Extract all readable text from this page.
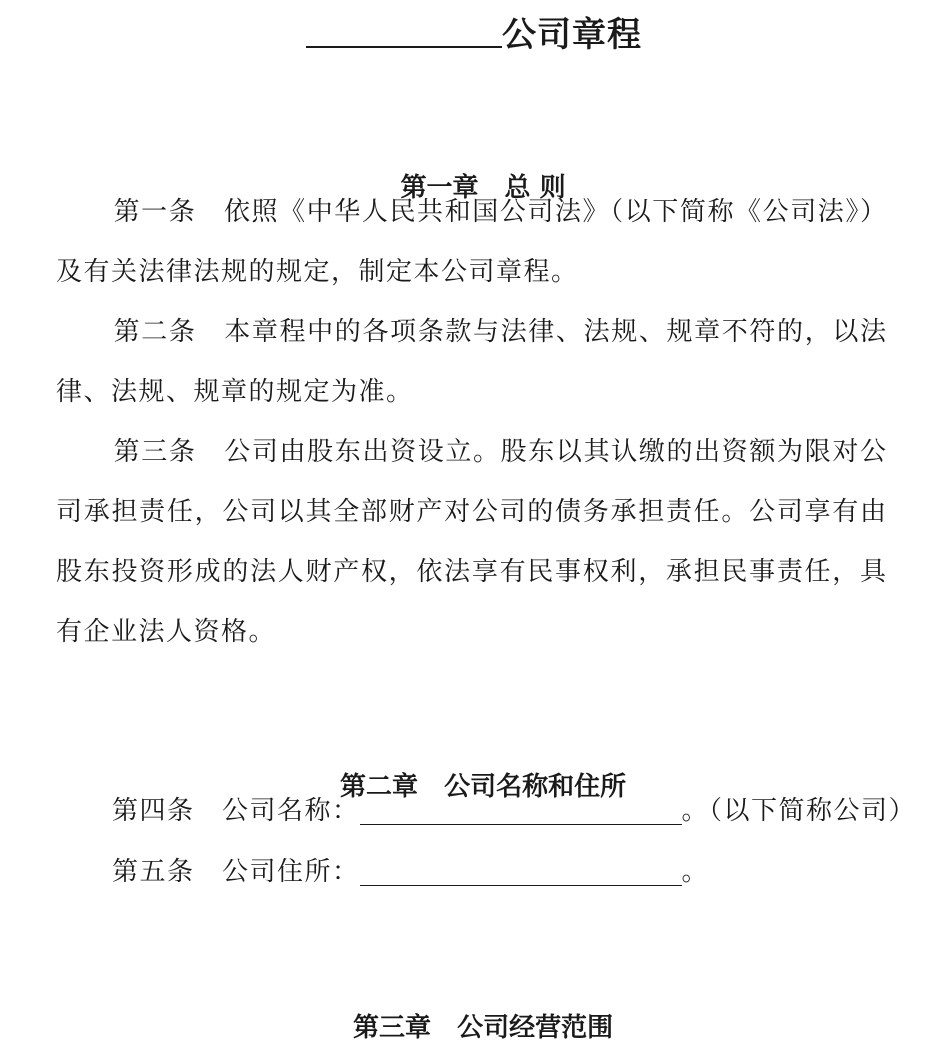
公司章程

第一章　 总 则

第一条　 依照《中华人民共和国公司法》（以下简称《公司法》）
及有关法律法规的规定，制定本公司章程。
第二条　 本章程中的各项条款与法律、法规、规章不符的，以法
律、法规、规章的规定为准。
第三条　 公司由股东出资设立。股东以其认缴的出资额为限对公
司承担责任，公司以其全部财产对公司的债务承担责任。公司享有由
股东投资形成的法人财产权，依法享有民事权利，承担民事责任，具
有企业法人资格。

第二章　 公司名称和住所

第四条　 公司名称：	。（以下简称公司）
第五条　 公司住所：	。

第三章　 公司经营范围
